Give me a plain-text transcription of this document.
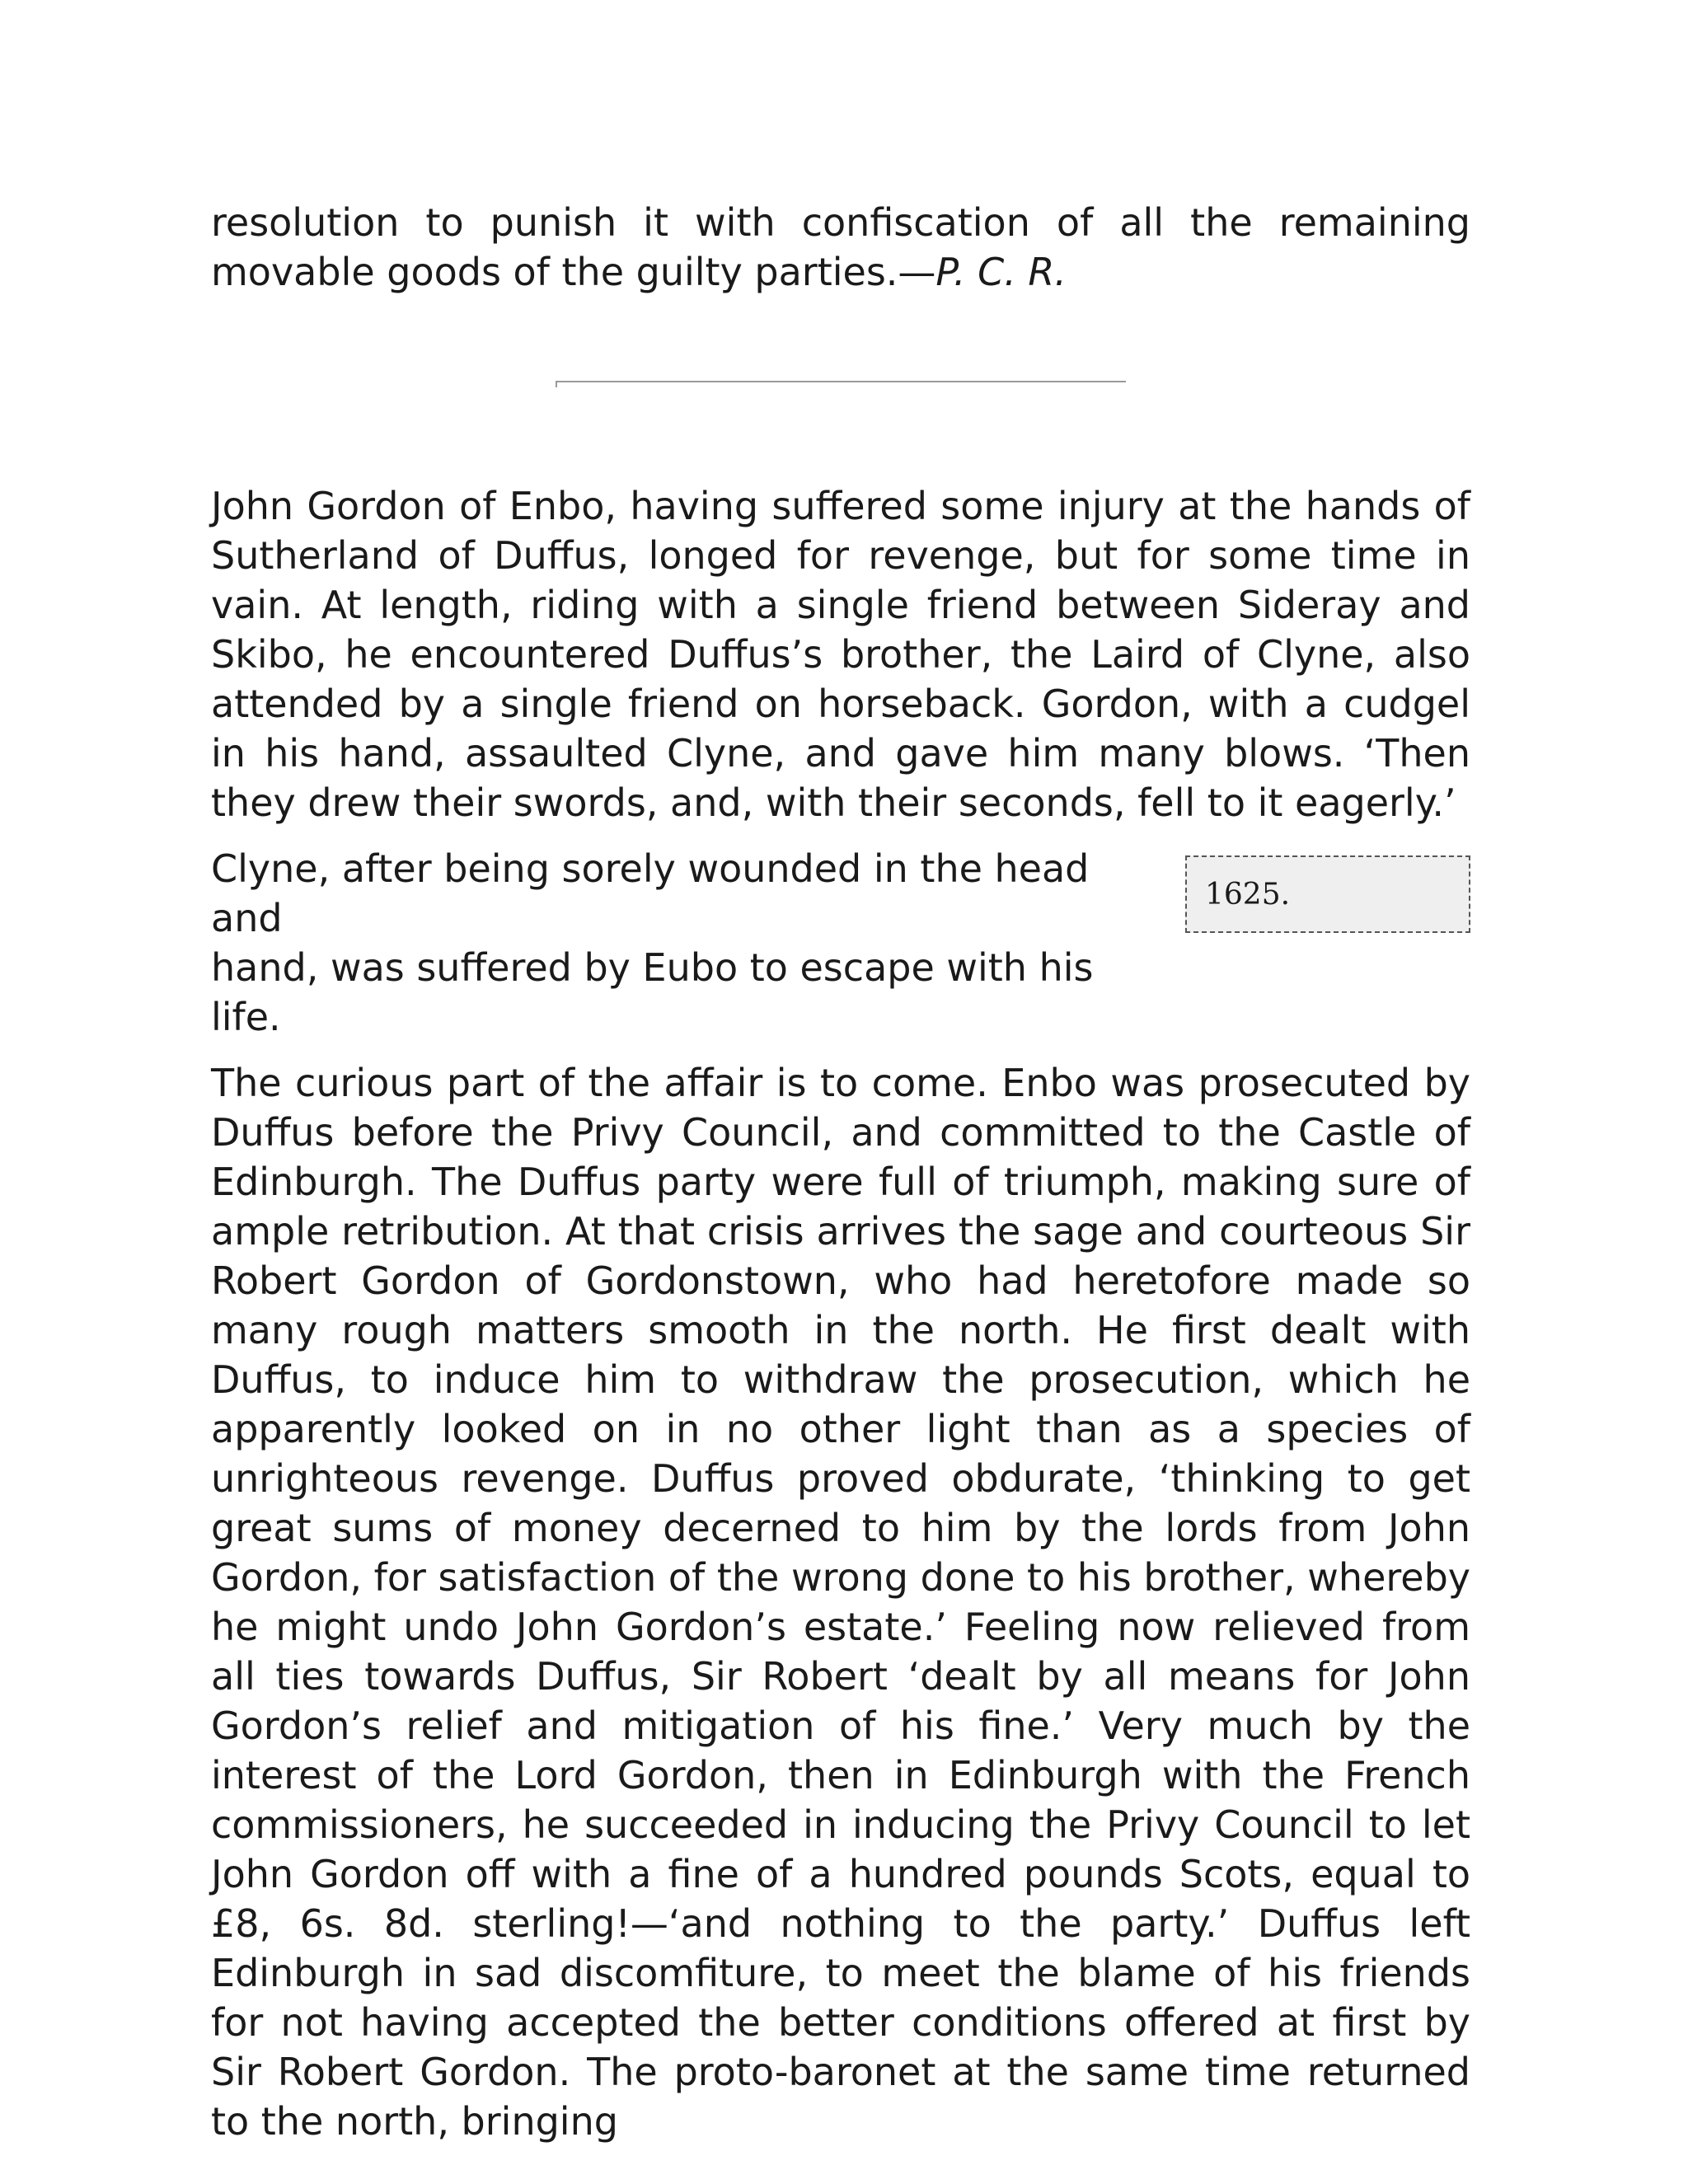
resolution to punish it with confiscation of all the remaining movable goods of the guilty parties.—P. C. R.

John Gordon of Enbo, having suffered some injury at the hands of Sutherland of Duffus, longed for revenge, but for some time in vain. At length, riding with a single friend between Sideray and Skibo, he encountered Duffus’s brother, the Laird of Clyne, also attended by a single friend on horseback. Gordon, with a cudgel in his hand, assaulted Clyne, and gave him many blows. ‘Then they drew their swords, and, with their seconds, fell to it eagerly.’

Clyne, after being sorely wounded in the head and
hand, was suffered by Eubo to escape with his life.

1625.

The curious part of the affair is to come. Enbo was prosecuted by Duffus before the Privy Council, and committed to the Castle of Edinburgh. The Duffus party were full of triumph, making sure of ample retribution. At that crisis arrives the sage and courteous Sir Robert Gordon of Gordonstown, who had heretofore made so many rough matters smooth in the north. He first dealt with Duffus, to induce him to withdraw the prosecution, which he apparently looked on in no other light than as a species of unrighteous revenge. Duffus proved obdurate, ‘thinking to get great sums of money decerned to him by the lords from John Gordon, for satisfaction of the wrong done to his brother, whereby he might undo John Gordon’s estate.’ Feeling now relieved from all ties towards Duffus, Sir Robert ‘dealt by all means for John Gordon’s relief and mitigation of his fine.’ Very much by the interest of the Lord Gordon, then in Edinburgh with the French commissioners, he succeeded in inducing the Privy Council to let John Gordon off with a fine of a hundred pounds Scots, equal to £8, 6s. 8d. sterling!—‘and nothing to the party.’ Duffus left Edinburgh in sad discomfiture, to meet the blame of his friends for not having accepted the better conditions offered at first by Sir Robert Gordon. The proto-baronet at the same time returned to the north, bringing
